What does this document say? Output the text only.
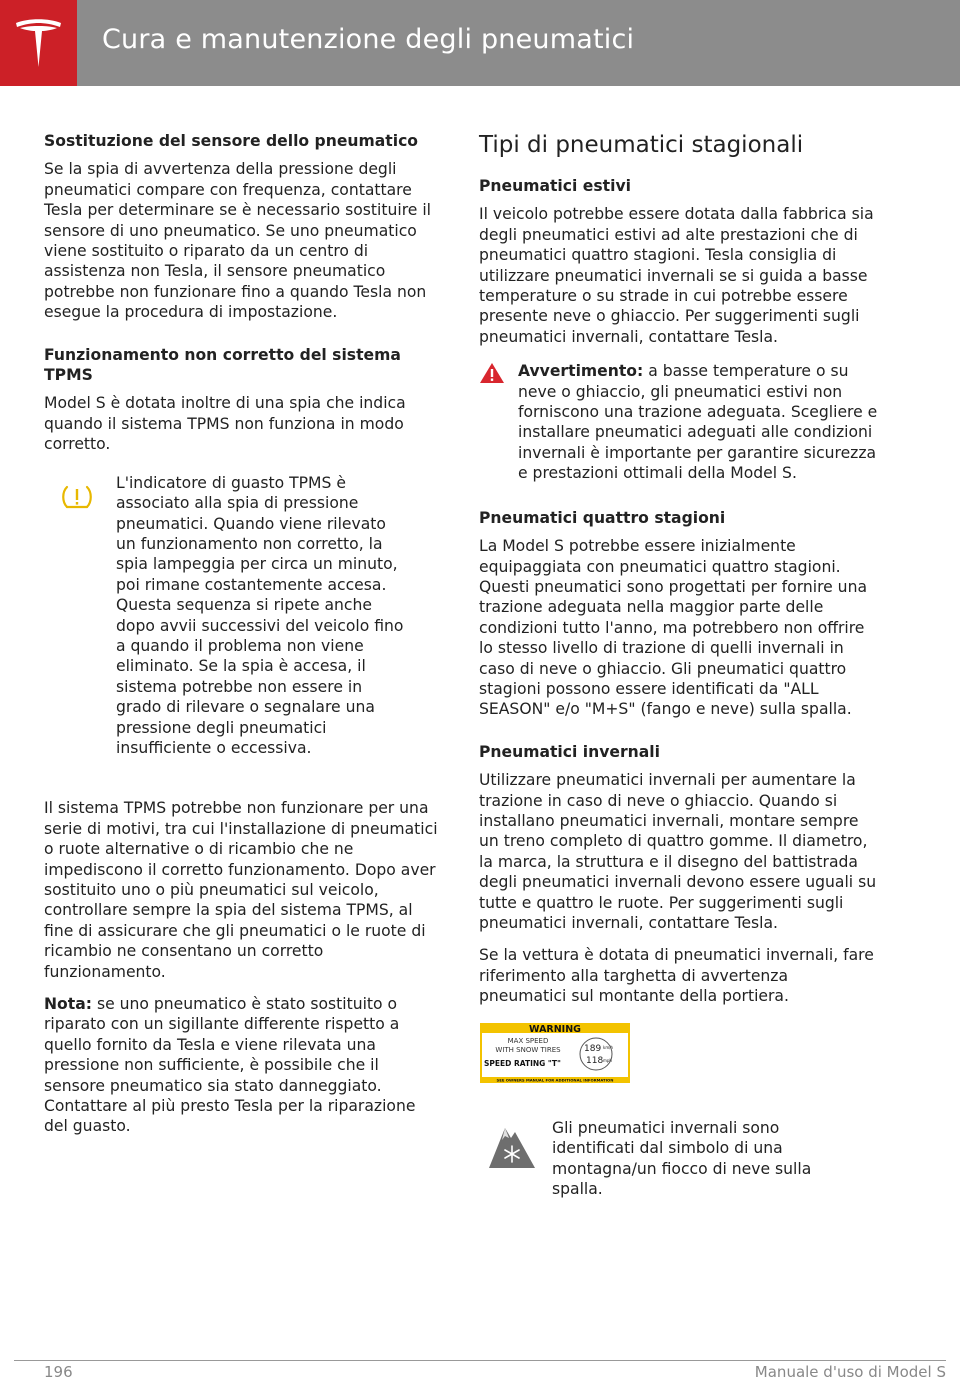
Cura e manutenzione degli pneumatici
Sostituzione del sensore dello pneumatico

Se la spia di avvertenza della pressione degli pneumatici compare con frequenza, contattare Tesla per determinare se è necessario sostituire il sensore di uno pneumatico. Se uno pneumatico viene sostituito o riparato da un centro di assistenza non Tesla, il sensore pneumatico potrebbe non funzionare fino a quando Tesla non esegue la procedura di impostazione.

Funzionamento non corretto del sistema TPMS

Model S è dotata inoltre di una spia che indica quando il sistema TPMS non funziona in modo corretto.

L'indicatore di guasto TPMS è associato alla spia di pressione pneumatici. Quando viene rilevato un funzionamento non corretto, la spia lampeggia per circa un minuto, poi rimane costantemente accesa. Questa sequenza si ripete anche dopo avvii successivi del veicolo fino a quando il problema non viene eliminato. Se la spia è accesa, il sistema potrebbe non essere in grado di rilevare o segnalare una pressione degli pneumatici insufficiente o eccessiva.

Il sistema TPMS potrebbe non funzionare per una serie di motivi, tra cui l'installazione di pneumatici o ruote alternative o di ricambio che ne impediscono il corretto funzionamento. Dopo aver sostituito uno o più pneumatici sul veicolo, controllare sempre la spia del sistema TPMS, al fine di assicurare che gli pneumatici o le ruote di ricambio ne consentano un corretto funzionamento.

Nota: se uno pneumatico è stato sostituito o riparato con un sigillante differente rispetto a quello fornito da Tesla e viene rilevata una pressione non sufficiente, è possibile che il sensore pneumatico sia stato danneggiato. Contattare al più presto Tesla per la riparazione del guasto.

Tipi di pneumatici stagionali
Pneumatici estivi

Il veicolo potrebbe essere dotata dalla fabbrica sia degli pneumatici estivi ad alte prestazioni che di pneumatici quattro stagioni. Tesla consiglia di utilizzare pneumatici invernali se si guida a basse temperature o su strade in cui potrebbe essere presente neve o ghiaccio. Per suggerimenti sugli pneumatici invernali, contattare Tesla.

Avvertimento: a basse temperature o su neve o ghiaccio, gli pneumatici estivi non forniscono una trazione adeguata. Scegliere e installare pneumatici adeguati alle condizioni invernali è importante per garantire sicurezza e prestazioni ottimali della Model S.
Pneumatici quattro stagioni

La Model S potrebbe essere inizialmente equipaggiata con pneumatici quattro stagioni. Questi pneumatici sono progettati per fornire una trazione adeguata nella maggior parte delle condizioni tutto l'anno, ma potrebbero non offrire lo stesso livello di trazione di quelli invernali in caso di neve o ghiaccio. Gli pneumatici quattro stagioni possono essere identificati da "ALL SEASON" e/o "M+S" (fango e neve) sulla spalla.

Pneumatici invernali

Utilizzare pneumatici invernali per aumentare la trazione in caso di neve o ghiaccio. Quando si installano pneumatici invernali, montare sempre un treno completo di quattro gomme. Il diametro, la marca, la struttura e il disegno del battistrada degli pneumatici invernali devono essere uguali su tutte e quattro le ruote. Per suggerimenti sugli pneumatici invernali, contattare Tesla.

Se la vettura è dotata di pneumatici invernali, fare riferimento alla targhetta di avvertenza pneumatici sul montante della portiera.

WARNING
MAX SPEED
WITH SNOW TIRES
SPEED RATING "T"
189 km/h
118 mph
SEE OWNERS MANUAL FOR ADDITIONAL INFORMATION
Gli pneumatici invernali sono identificati dal simbolo di una montagna/un fiocco di neve sulla spalla.
196	Manuale d'uso di Model S
